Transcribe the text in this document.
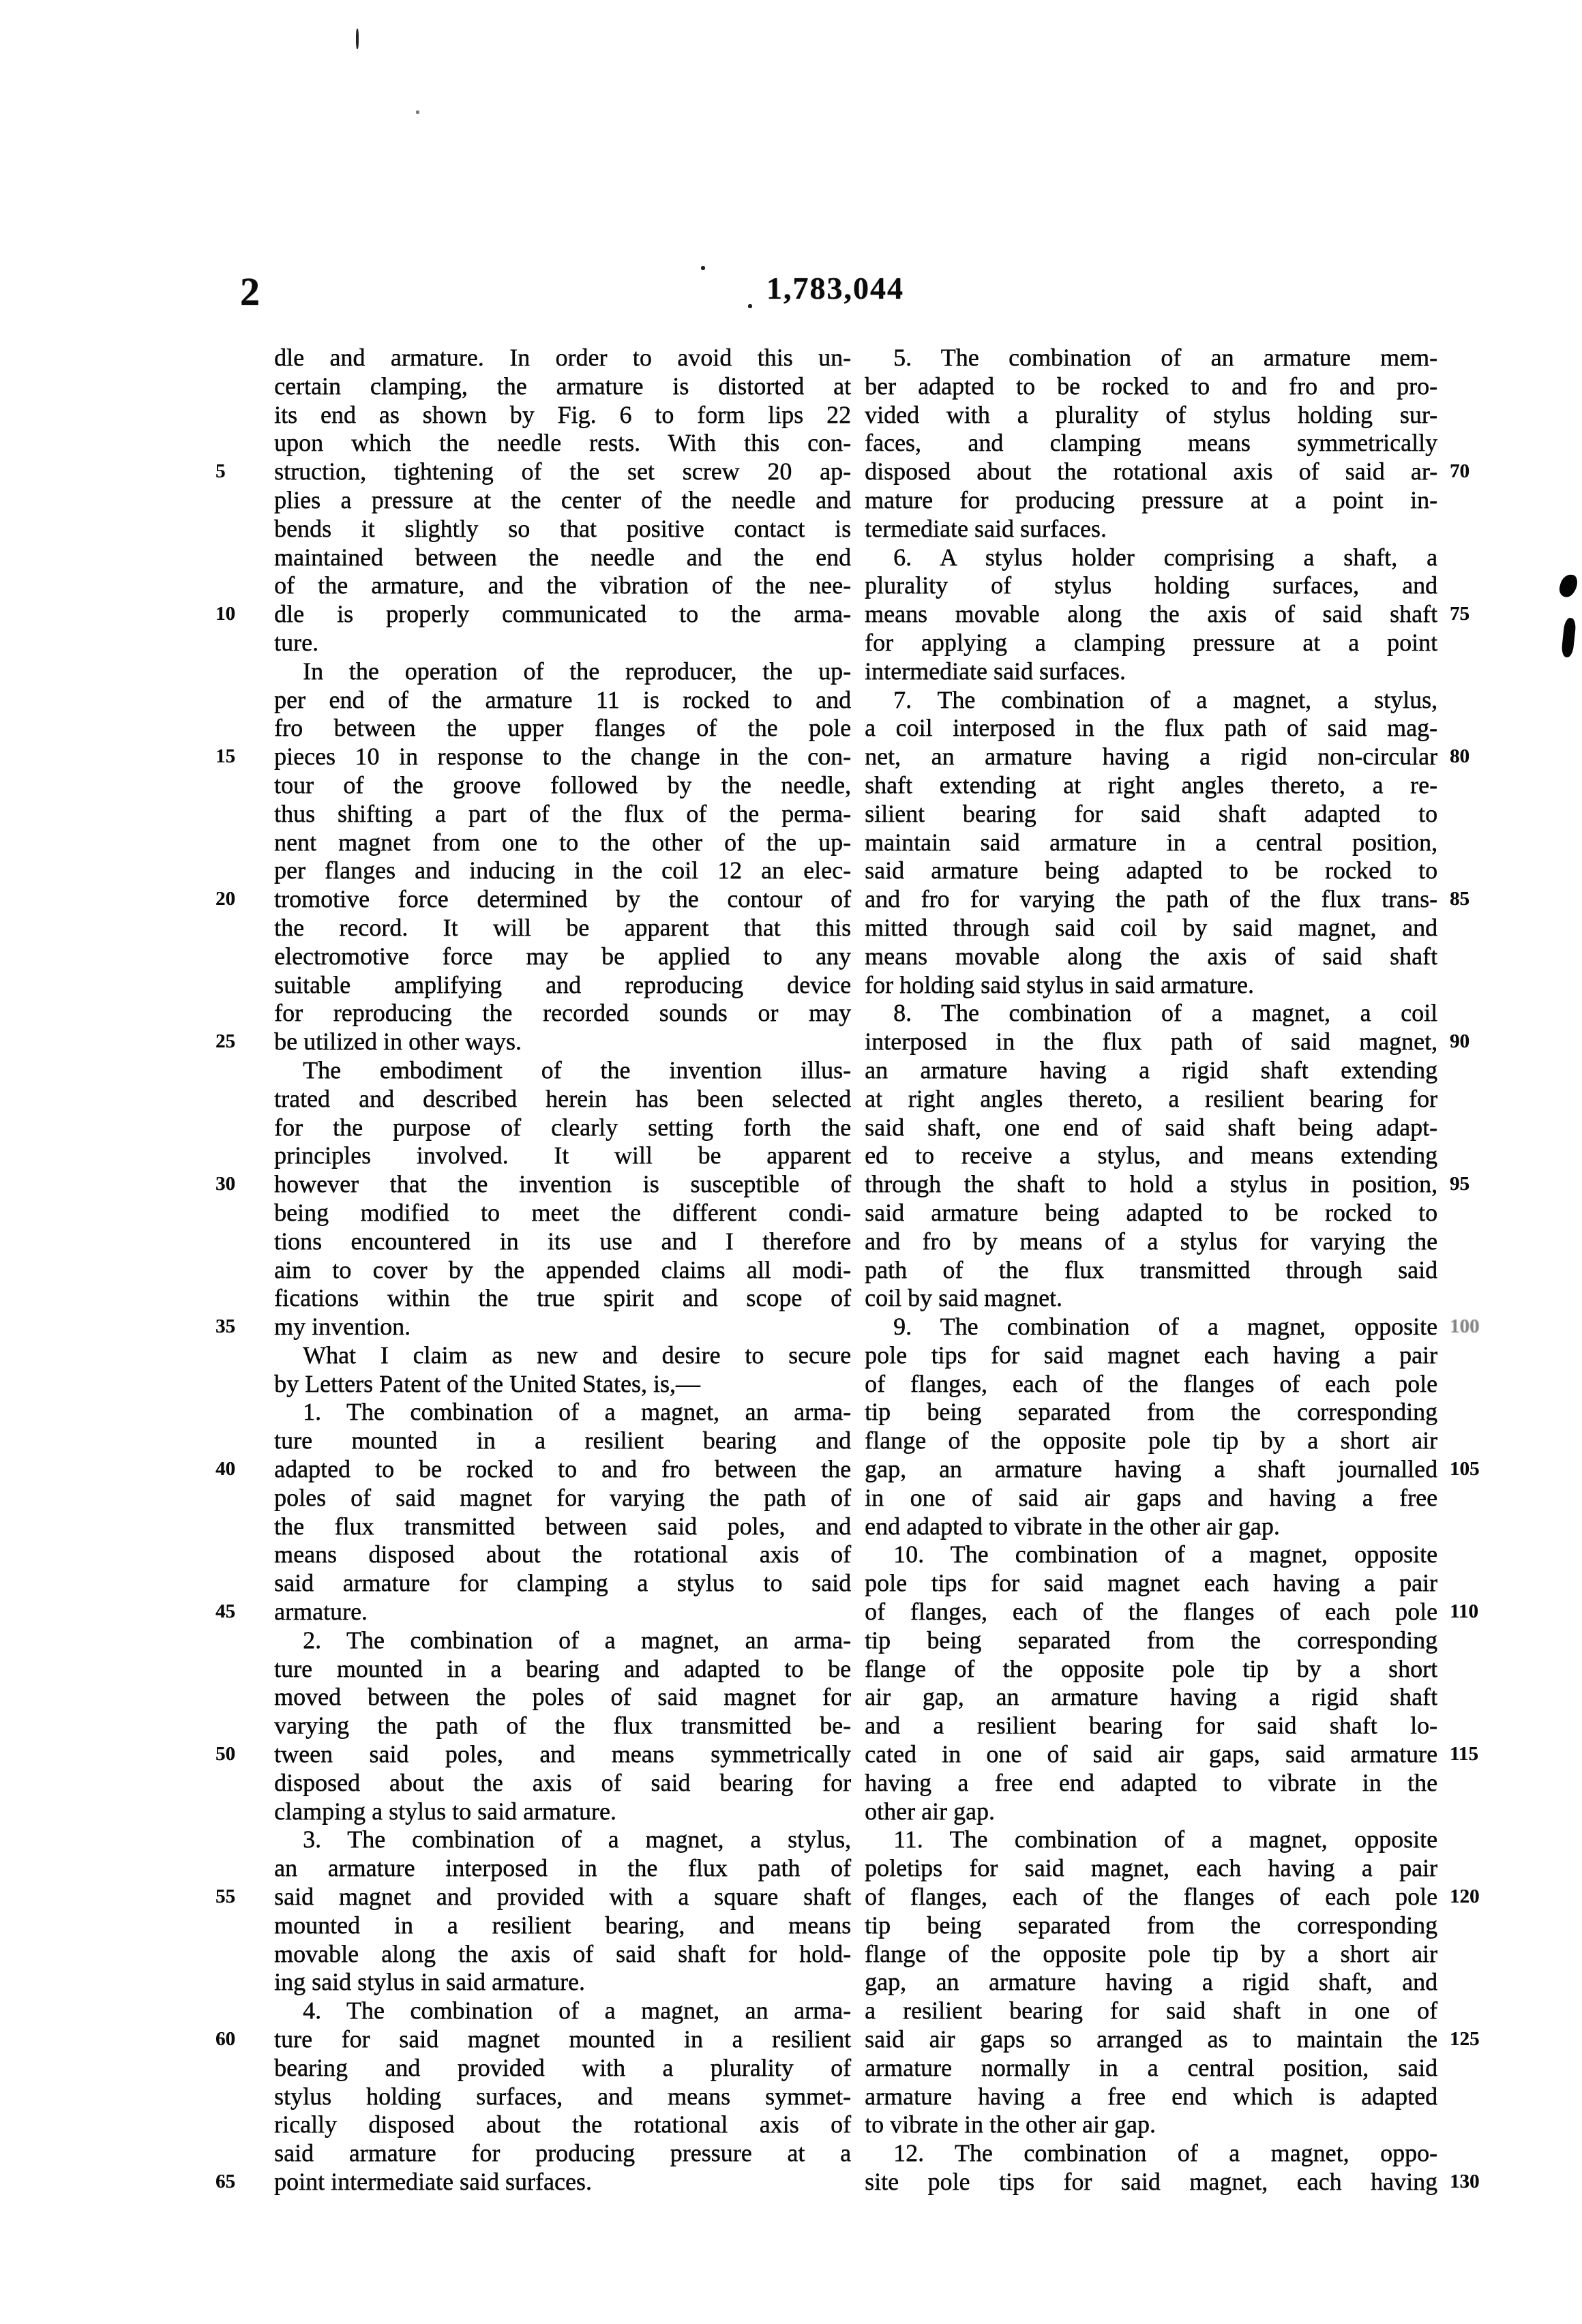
2	1,783,044
dle and armature. In order to avoid this un-
certain clamping, the armature is distorted at
its end as shown by Fig. 6 to form lips 22
upon which the needle rests. With this con-
5	struction, tightening of the set screw 20 ap-
plies a pressure at the center of the needle and
bends it slightly so that positive contact is
maintained between the needle and the end
of the armature, and the vibration of the nee-
10	dle is properly communicated to the arma-
ture.
In the operation of the reproducer, the up-
per end of the armature 11 is rocked to and
fro between the upper flanges of the pole
15	pieces 10 in response to the change in the con-
tour of the groove followed by the needle,
thus shifting a part of the flux of the perma-
nent magnet from one to the other of the up-
per flanges and inducing in the coil 12 an elec-
20	tromotive force determined by the contour of
the record. It will be apparent that this
electromotive force may be applied to any
suitable amplifying and reproducing device
for reproducing the recorded sounds or may
25	be utilized in other ways.
The embodiment of the invention illus-
trated and described herein has been selected
for the purpose of clearly setting forth the
principles involved. It will be apparent
30	however that the invention is susceptible of
being modified to meet the different condi-
tions encountered in its use and I therefore
aim to cover by the appended claims all modi-
fications within the true spirit and scope of
35	my invention.
What I claim as new and desire to secure
by Letters Patent of the United States, is,—
1. The combination of a magnet, an arma-
ture mounted in a resilient bearing and
40	adapted to be rocked to and fro between the
poles of said magnet for varying the path of
the flux transmitted between said poles, and
means disposed about the rotational axis of
said armature for clamping a stylus to said
45	armature.
2. The combination of a magnet, an arma-
ture mounted in a bearing and adapted to be
moved between the poles of said magnet for
varying the path of the flux transmitted be-
50	tween said poles, and means symmetrically
disposed about the axis of said bearing for
clamping a stylus to said armature.
3. The combination of a magnet, a stylus,
an armature interposed in the flux path of
55	said magnet and provided with a square shaft
mounted in a resilient bearing, and means
movable along the axis of said shaft for hold-
ing said stylus in said armature.
4. The combination of a magnet, an arma-
60	ture for said magnet mounted in a resilient
bearing and provided with a plurality of
stylus holding surfaces, and means symmet-
rically disposed about the rotational axis of
said armature for producing pressure at a
65	point intermediate said surfaces.
5. The combination of an armature mem-
ber adapted to be rocked to and fro and pro-
vided with a plurality of stylus holding sur-
faces, and clamping means symmetrically
70
disposed about the rotational axis of said ar-
mature for producing pressure at a point in-
termediate said surfaces.
6. A stylus holder comprising a shaft, a
plurality of stylus holding surfaces, and
75
means movable along the axis of said shaft
for applying a clamping pressure at a point
intermediate said surfaces.
7. The combination of a magnet, a stylus,
a coil interposed in the flux path of said mag-
80
net, an armature having a rigid non-circular
shaft extending at right angles thereto, a re-
silient bearing for said shaft adapted to
maintain said armature in a central position,
said armature being adapted to be rocked to
85
and fro for varying the path of the flux trans-
mitted through said coil by said magnet, and
means movable along the axis of said shaft
for holding said stylus in said armature.
8. The combination of a magnet, a coil
90
interposed in the flux path of said magnet,
an armature having a rigid shaft extending
at right angles thereto, a resilient bearing for
said shaft, one end of said shaft being adapt-
ed to receive a stylus, and means extending
95
through the shaft to hold a stylus in position,
said armature being adapted to be rocked to
and fro by means of a stylus for varying the
path of the flux transmitted through said
coil by said magnet.
100
9. The combination of a magnet, opposite
pole tips for said magnet each having a pair
of flanges, each of the flanges of each pole
tip being separated from the corresponding
flange of the opposite pole tip by a short air
105
gap, an armature having a shaft journalled
in one of said air gaps and having a free
end adapted to vibrate in the other air gap.
10. The combination of a magnet, opposite
pole tips for said magnet each having a pair
110
of flanges, each of the flanges of each pole
tip being separated from the corresponding
flange of the opposite pole tip by a short
air gap, an armature having a rigid shaft
and a resilient bearing for said shaft lo-
115
cated in one of said air gaps, said armature
having a free end adapted to vibrate in the
other air gap.
11. The combination of a magnet, opposite
poletips for said magnet, each having a pair
120
of flanges, each of the flanges of each pole
tip being separated from the corresponding
flange of the opposite pole tip by a short air
gap, an armature having a rigid shaft, and
a resilient bearing for said shaft in one of
125
said air gaps so arranged as to maintain the
armature normally in a central position, said
armature having a free end which is adapted
to vibrate in the other air gap.
12. The combination of a magnet, oppo-
130
site pole tips for said magnet, each having
